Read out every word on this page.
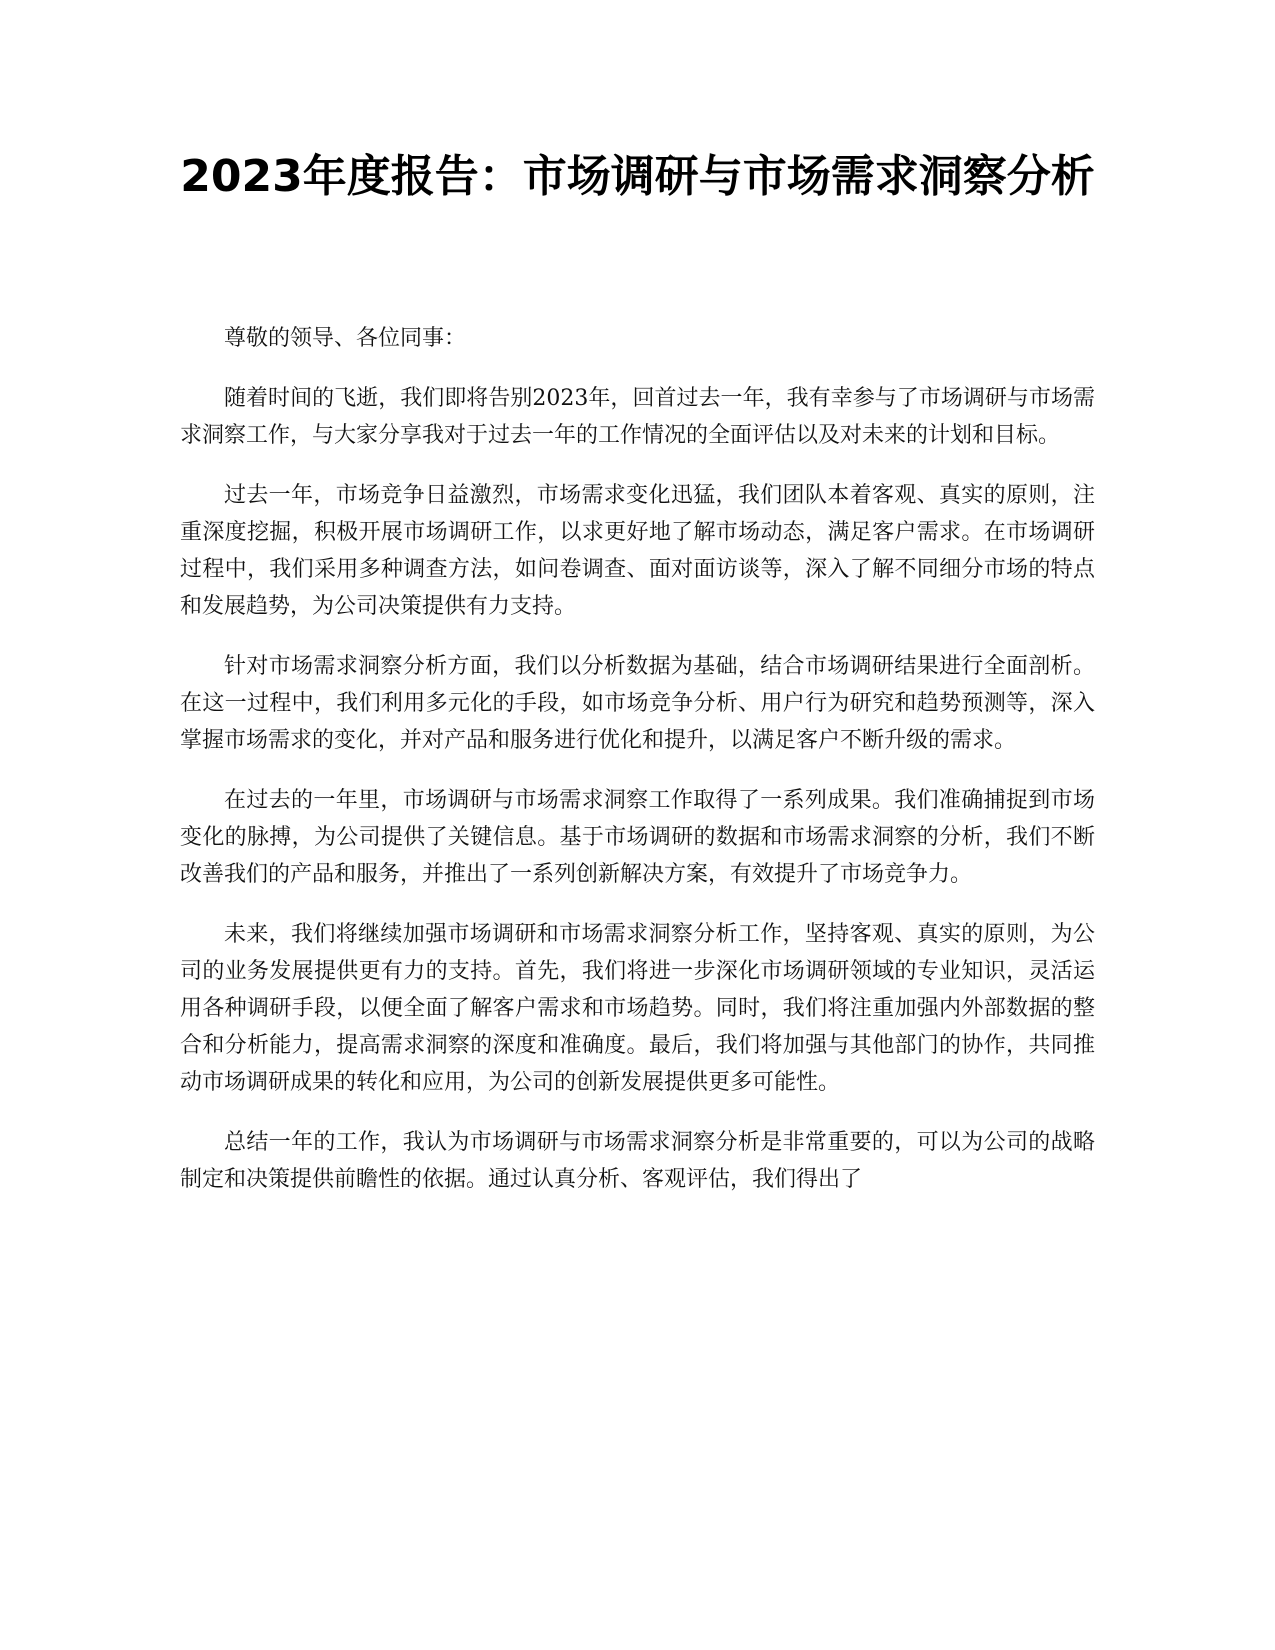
2023年度报告：市场调研与市场需求洞察分析

尊敬的领导、各位同事：

随着时间的飞逝，我们即将告别2023年，回首过去一年，我有幸参与了市场调研与市场需求洞察工作，与大家分享我对于过去一年的工作情况的全面评估以及对未来的计划和目标。

过去一年，市场竞争日益激烈，市场需求变化迅猛，我们团队本着客观、真实的原则，注重深度挖掘，积极开展市场调研工作，以求更好地了解市场动态，满足客户需求。在市场调研过程中，我们采用多种调查方法，如问卷调查、面对面访谈等，深入了解不同细分市场的特点和发展趋势，为公司决策提供有力支持。

针对市场需求洞察分析方面，我们以分析数据为基础，结合市场调研结果进行全面剖析。在这一过程中，我们利用多元化的手段，如市场竞争分析、用户行为研究和趋势预测等，深入掌握市场需求的变化，并对产品和服务进行优化和提升，以满足客户不断升级的需求。

在过去的一年里，市场调研与市场需求洞察工作取得了一系列成果。我们准确捕捉到市场变化的脉搏，为公司提供了关键信息。基于市场调研的数据和市场需求洞察的分析，我们不断改善我们的产品和服务，并推出了一系列创新解决方案，有效提升了市场竞争力。

未来，我们将继续加强市场调研和市场需求洞察分析工作，坚持客观、真实的原则，为公司的业务发展提供更有力的支持。首先，我们将进一步深化市场调研领域的专业知识，灵活运用各种调研手段，以便全面了解客户需求和市场趋势。同时，我们将注重加强内外部数据的整合和分析能力，提高需求洞察的深度和准确度。最后，我们将加强与其他部门的协作，共同推动市场调研成果的转化和应用，为公司的创新发展提供更多可能性。

总结一年的工作，我认为市场调研与市场需求洞察分析是非常重要的，可以为公司的战略制定和决策提供前瞻性的依据。通过认真分析、客观评估，我们得出了
